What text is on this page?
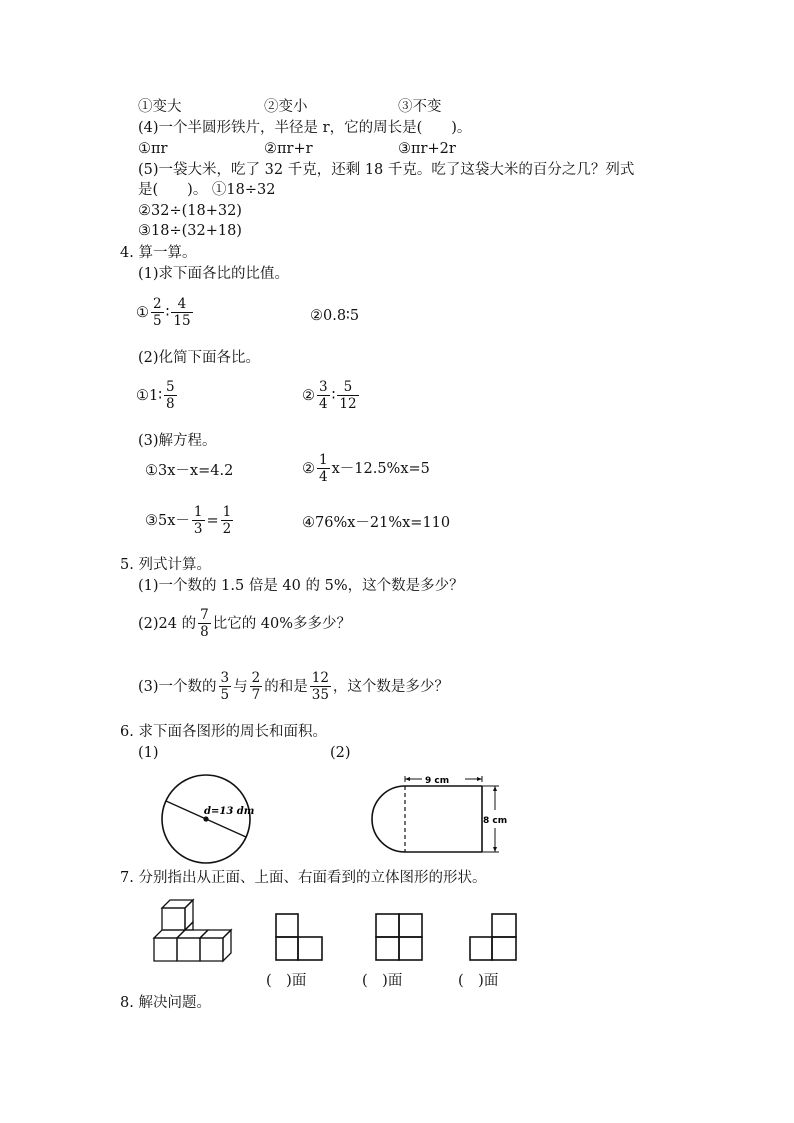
①变大	②变小	③不变
(4)一个半圆形铁片，半径是 r，它的周长是(　　)。
①πr	②πr+r	③πr+2r
(5)一袋大米，吃了 32 千克，还剩 18 千克。吃了这袋大米的百分之几？列式
是(　　)。 ①18÷32
②32÷(18+32)
③18÷(32+18)
4. 算一算。
(1)求下面各比的比值。
① $\frac{2}{5}$ ∶ $\frac{4}{15}$	②0.8∶5
(2)化简下面各比。
①1∶ $\frac{5}{8}$	② $\frac{3}{4}$ ∶ $\frac{5}{12}$
(3)解方程。
①3x－x=4.2	② $\frac{1}{4} x-12.5\%x=5$
③5x－ $\frac{1}{3} = \frac{1}{2}$	④76%x－21%x=110
5. 列式计算。
(1)一个数的 1.5 倍是 40 的 5%，这个数是多少？
(2)24 的 $\frac{7}{8}$ 比它的 40%多多少？
(3)一个数的 $\frac{3}{5}$ 与 $\frac{2}{7}$ 的和是 $\frac{12}{35}$ ，这个数是多少？
6. 求下面各图形的周长和面积。
(1)	(2)
d=13 dm
9 cm
8 cm
7. 分别指出从正面、上面、右面看到的立体图形的形状。
(　)面	(　)面	(　)面
8. 解决问题。
